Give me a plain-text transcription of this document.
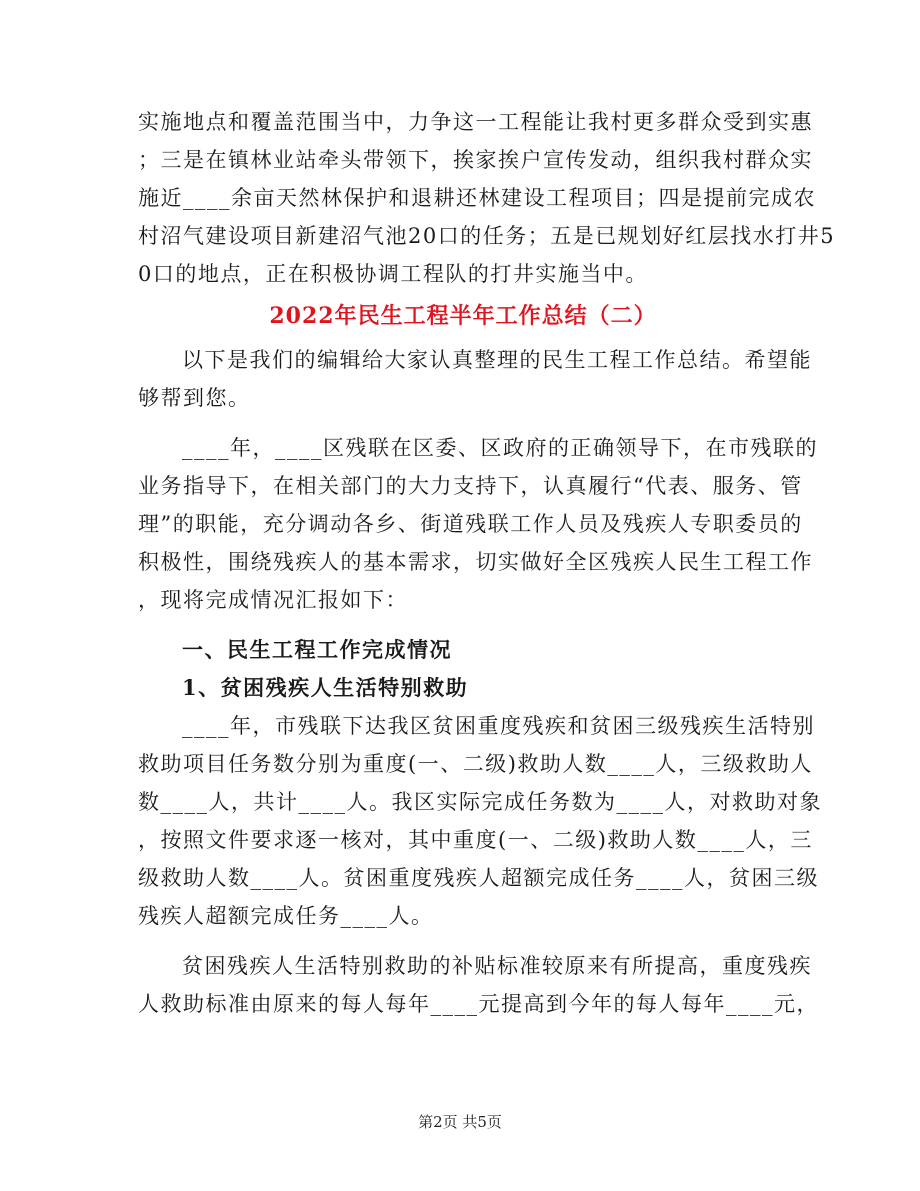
实施地点和覆盖范围当中，力争这一工程能让我村更多群众受到实惠
；三是在镇林业站牵头带领下，挨家挨户宣传发动，组织我村群众实
施近____余亩天然林保护和退耕还林建设工程项目；四是提前完成农
村沼气建设项目新建沼气池20口的任务；五是已规划好红层找水打井5
0口的地点，正在积极协调工程队的打井实施当中。
2022年民生工程半年工作总结（二）
以下是我们的编辑给大家认真整理的民生工程工作总结。希望能
够帮到您。
____年，____区残联在区委、区政府的正确领导下，在市残联的
业务指导下，在相关部门的大力支持下，认真履行“代表、服务、管
理”的职能，充分调动各乡、街道残联工作人员及残疾人专职委员的
积极性，围绕残疾人的基本需求，切实做好全区残疾人民生工程工作
，现将完成情况汇报如下：
一、民生工程工作完成情况
1、贫困残疾人生活特别救助
____年，市残联下达我区贫困重度残疾和贫困三级残疾生活特别
救助项目任务数分别为重度(一、二级)救助人数____人，三级救助人
数____人，共计____人。我区实际完成任务数为____人，对救助对象
，按照文件要求逐一核对，其中重度(一、二级)救助人数____人，三
级救助人数____人。贫困重度残疾人超额完成任务____人，贫困三级
残疾人超额完成任务____人。
贫困残疾人生活特别救助的补贴标准较原来有所提高，重度残疾
人救助标准由原来的每人每年____元提高到今年的每人每年____元，
第2页 共5页
